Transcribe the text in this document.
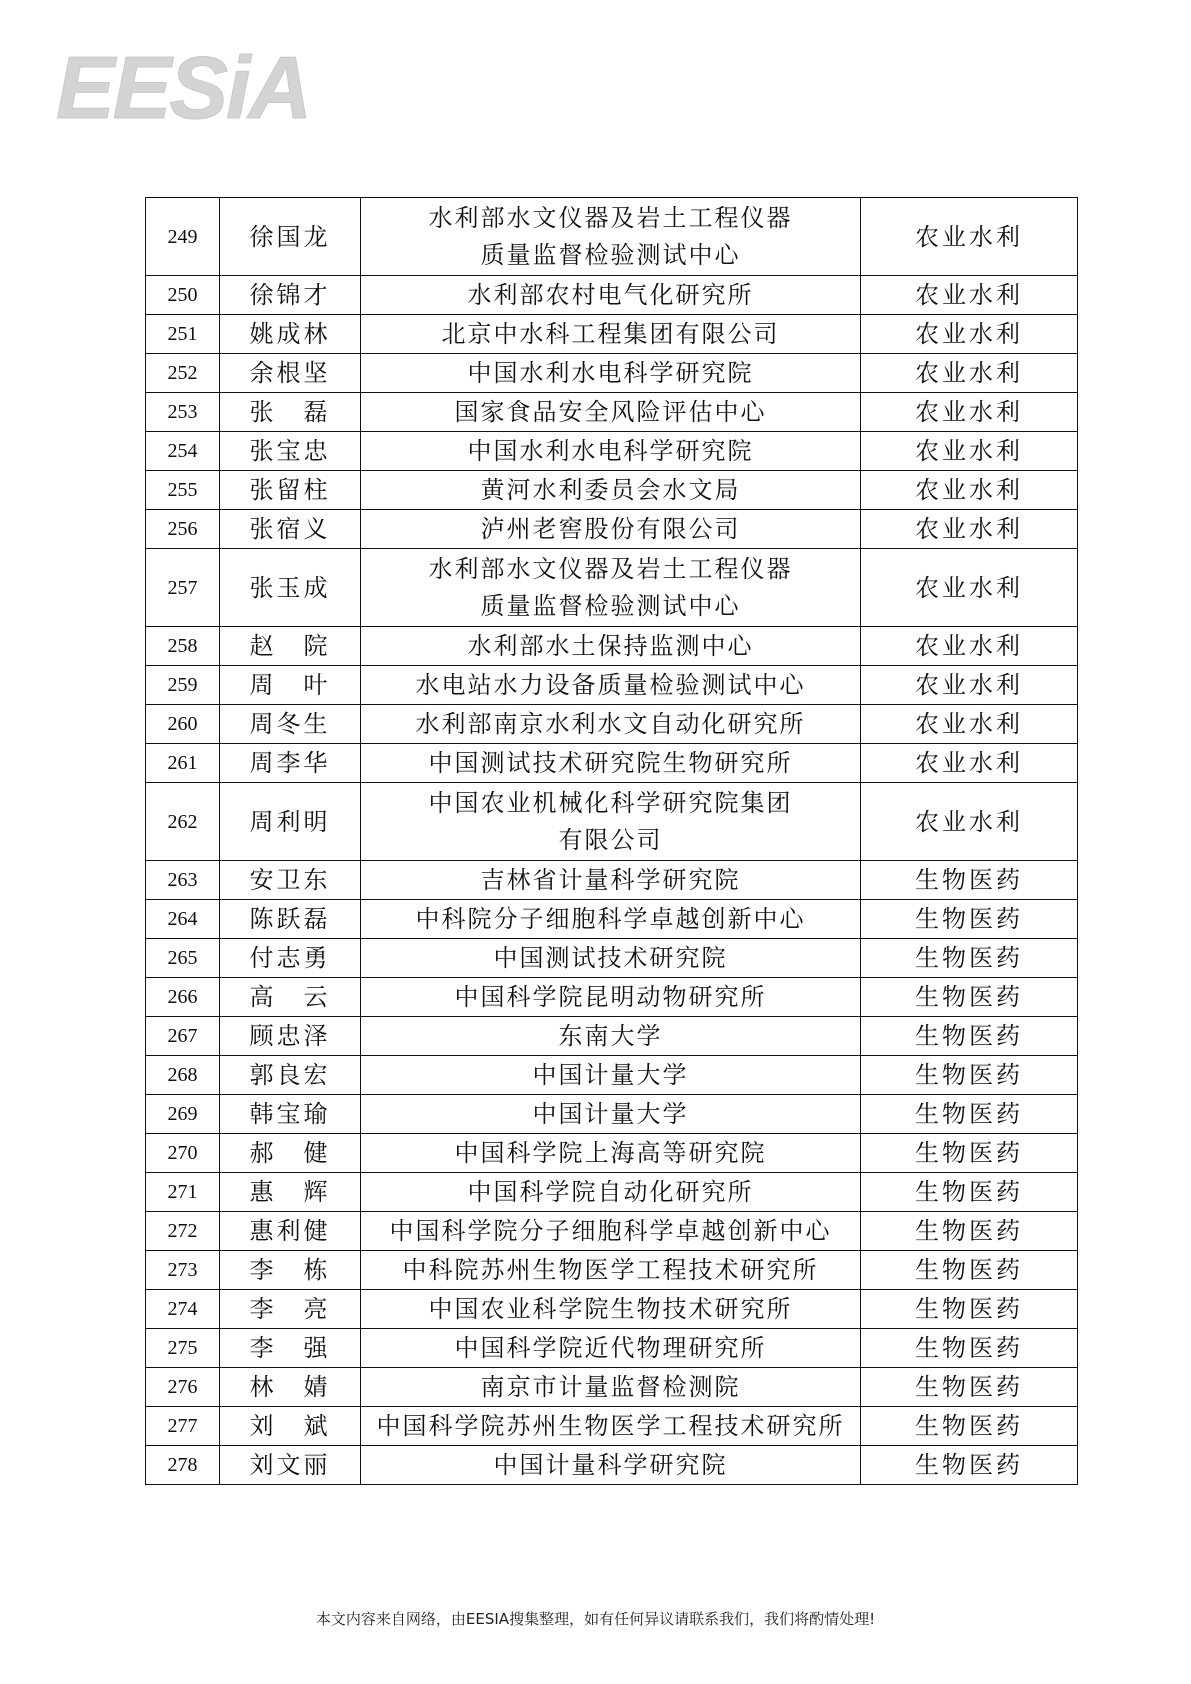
EESiA
249	徐国龙	水利部水文仪器及岩土工程仪器
质量监督检验测试中心	农业水利
250	徐锦才	水利部农村电气化研究所	农业水利
251	姚成林	北京中水科工程集团有限公司	农业水利
252	余根坚	中国水利水电科学研究院	农业水利
253	张　磊	国家食品安全风险评估中心	农业水利
254	张宝忠	中国水利水电科学研究院	农业水利
255	张留柱	黄河水利委员会水文局	农业水利
256	张宿义	泸州老窖股份有限公司	农业水利
257	张玉成	水利部水文仪器及岩土工程仪器
质量监督检验测试中心	农业水利
258	赵　院	水利部水土保持监测中心	农业水利
259	周　叶	水电站水力设备质量检验测试中心	农业水利
260	周冬生	水利部南京水利水文自动化研究所	农业水利
261	周李华	中国测试技术研究院生物研究所	农业水利
262	周利明	中国农业机械化科学研究院集团
有限公司	农业水利
263	安卫东	吉林省计量科学研究院	生物医药
264	陈跃磊	中科院分子细胞科学卓越创新中心	生物医药
265	付志勇	中国测试技术研究院	生物医药
266	高　云	中国科学院昆明动物研究所	生物医药
267	顾忠泽	东南大学	生物医药
268	郭良宏	中国计量大学	生物医药
269	韩宝瑜	中国计量大学	生物医药
270	郝　健	中国科学院上海高等研究院	生物医药
271	惠　辉	中国科学院自动化研究所	生物医药
272	惠利健	中国科学院分子细胞科学卓越创新中心	生物医药
273	李　栋	中科院苏州生物医学工程技术研究所	生物医药
274	李　亮	中国农业科学院生物技术研究所	生物医药
275	李　强	中国科学院近代物理研究所	生物医药
276	林　婧	南京市计量监督检测院	生物医药
277	刘　斌	中国科学院苏州生物医学工程技术研究所	生物医药
278	刘文丽	中国计量科学研究院	生物医药
本文内容来自网络，由EESIA搜集整理，如有任何异议请联系我们，我们将酌情处理!
